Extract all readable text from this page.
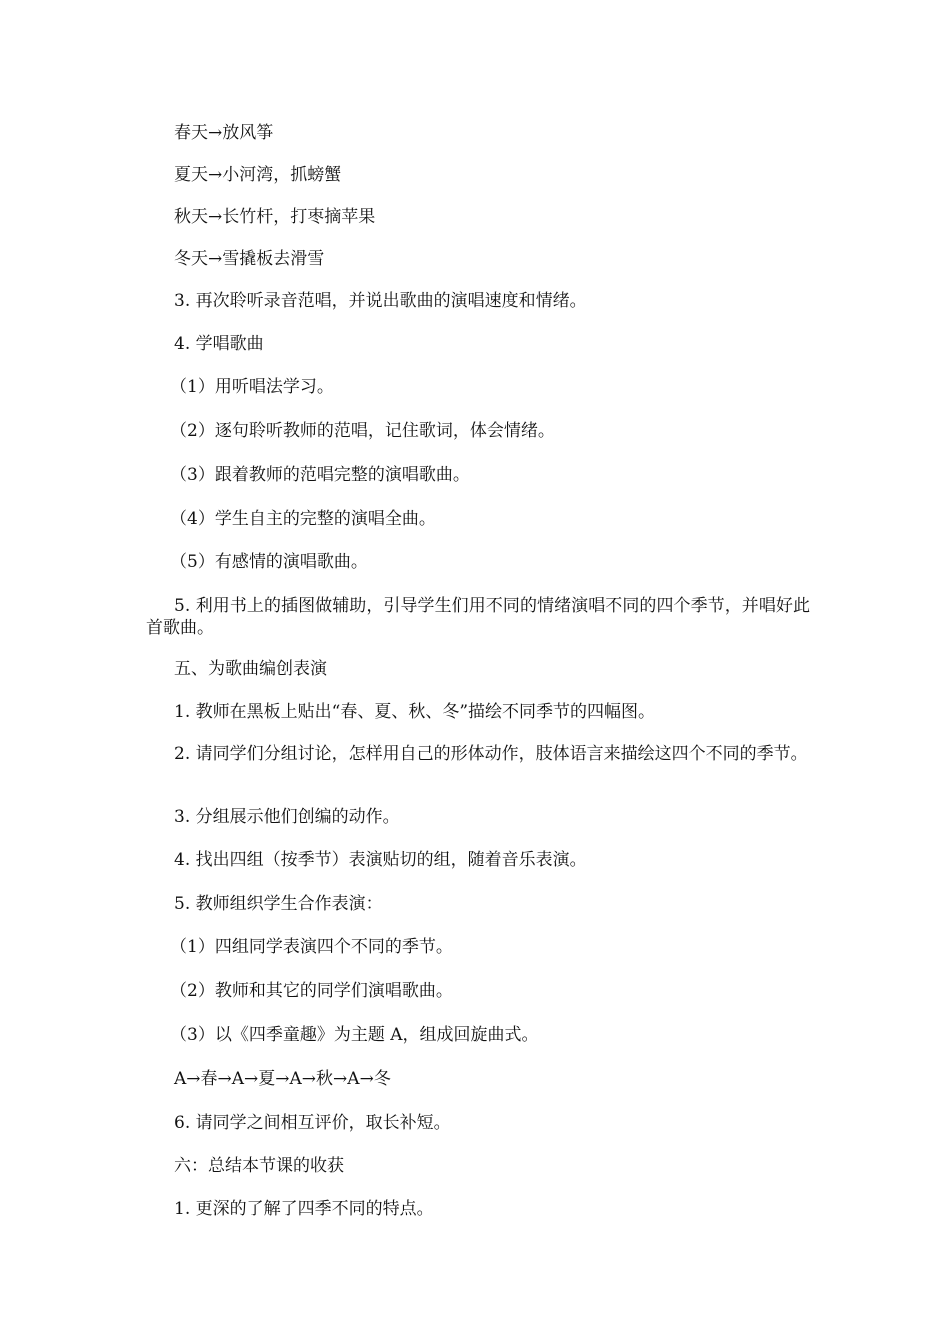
春天→放风筝

夏天→小河湾，抓螃蟹

秋天→长竹杆，打枣摘苹果

冬天→雪撬板去滑雪

3. 再次聆听录音范唱，并说出歌曲的演唱速度和情绪。

4. 学唱歌曲

（1）用听唱法学习。

（2）逐句聆听教师的范唱，记住歌词，体会情绪。

（3）跟着教师的范唱完整的演唱歌曲。

（4）学生自主的完整的演唱全曲。

（5）有感情的演唱歌曲。

5. 利用书上的插图做辅助，引导学生们用不同的情绪演唱不同的四个季节，并唱好此首歌曲。

五、为歌曲编创表演

1. 教师在黑板上贴出“春、夏、秋、冬”描绘不同季节的四幅图。

2. 请同学们分组讨论，怎样用自己的形体动作，肢体语言来描绘这四个不同的季节。

3. 分组展示他们创编的动作。

4. 找出四组（按季节）表演贴切的组，随着音乐表演。

5. 教师组织学生合作表演：

（1）四组同学表演四个不同的季节。

（2）教师和其它的同学们演唱歌曲。

（3）以《四季童趣》为主题 A，组成回旋曲式。

A→春→A→夏→A→秋→A→冬

6. 请同学之间相互评价，取长补短。

六：总结本节课的收获

1. 更深的了解了四季不同的特点。
